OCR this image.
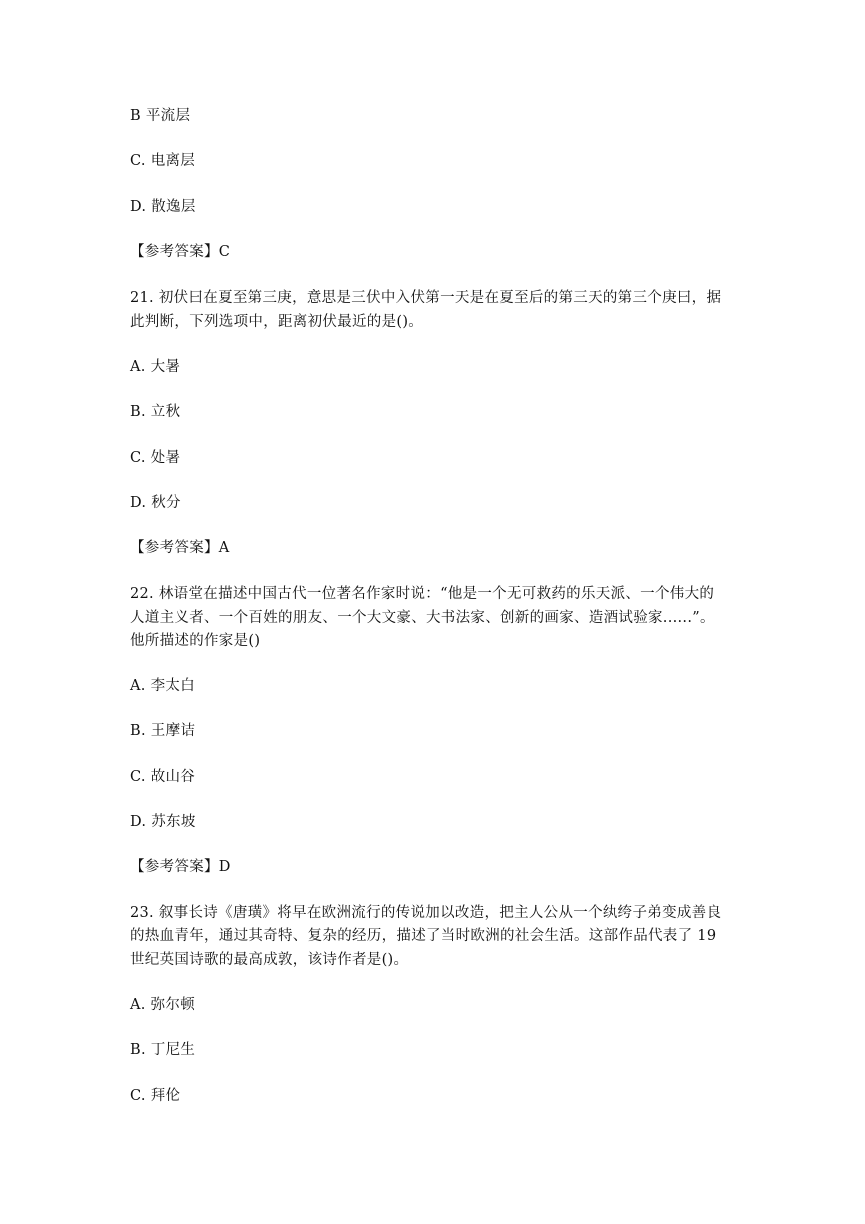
B 平流层
C. 电离层
D. 散逸层
【参考答案】C
21. 初伏曰在夏至第三庚，意思是三伏中入伏第一天是在夏至后的第三天的第三个庚曰，据
此判断，下列选项中，距离初伏最近的是()。
A. 大暑
B. 立秋
C. 处暑
D. 秋分
【参考答案】A
22. 林语堂在描述中国古代一位著名作家时说：“他是一个无可救药的乐天派、一个伟大的
人道主义者、一个百姓的朋友、一个大文豪、大书法家、创新的画家、造酒试验家......”。
他所描述的作家是()
A. 李太白
B. 王摩诘
C. 故山谷
D. 苏东坡
【参考答案】D
23. 叙事长诗《唐璜》将早在欧洲流行的传说加以改造，把主人公从一个纨绔子弟变成善良
的热血青年，通过其奇特、复杂的经历，描述了当时欧洲的社会生活。这部作品代表了 19
世纪英国诗歌的最高成敦，该诗作者是()。
A. 弥尔顿
B. 丁尼生
C. 拜伦
